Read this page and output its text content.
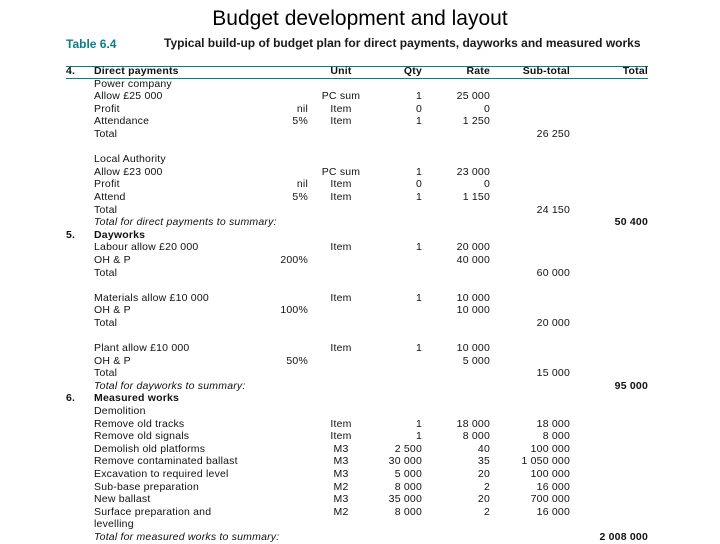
Budget development and layout
Table 6.4	Typical build-up of budget plan for direct payments, dayworks and measured works
4.	Direct payments		Unit	Qty	Rate	Sub-total	Total
	Power company						
	Allow £25 000		PC sum	1	25 000		
	Profit	nil	Item	0	0		
	Attendance	5%	Item	1	1 250		
	Total					26 250	

	Local Authority						
	Allow £23 000		PC sum	1	23 000		
	Profit	nil	Item	0	0		
	Attend	5%	Item	1	1 150		
	Total					24 150	
	Total for direct payments to summary:						50 400
5.	Dayworks						
	Labour allow £20 000		Item	1	20 000		
	OH & P	200%			40 000		
	Total					60 000	

	Materials allow £10 000		Item	1	10 000		
	OH & P	100%			10 000		
	Total					20 000	

	Plant allow £10 000		Item	1	10 000		
	OH & P	50%			5 000		
	Total					15 000	
	Total for dayworks to summary:						95 000
6.	Measured works						
	Demolition						
	Remove old tracks		Item	1	18 000	18 000	
	Remove old signals		Item	1	8 000	8 000	
	Demolish old platforms		M3	2 500	40	100 000	
	Remove contaminated ballast		M3	30 000	35	1 050 000	
	Excavation to required level		M3	5 000	20	100 000	
	Sub-base preparation		M2	8 000	2	16 000	
	New ballast		M3	35 000	20	700 000	
	Surface preparation and		M2	8 000	2	16 000	
	levelling						
	Total for measured works to summary:						2 008 000
